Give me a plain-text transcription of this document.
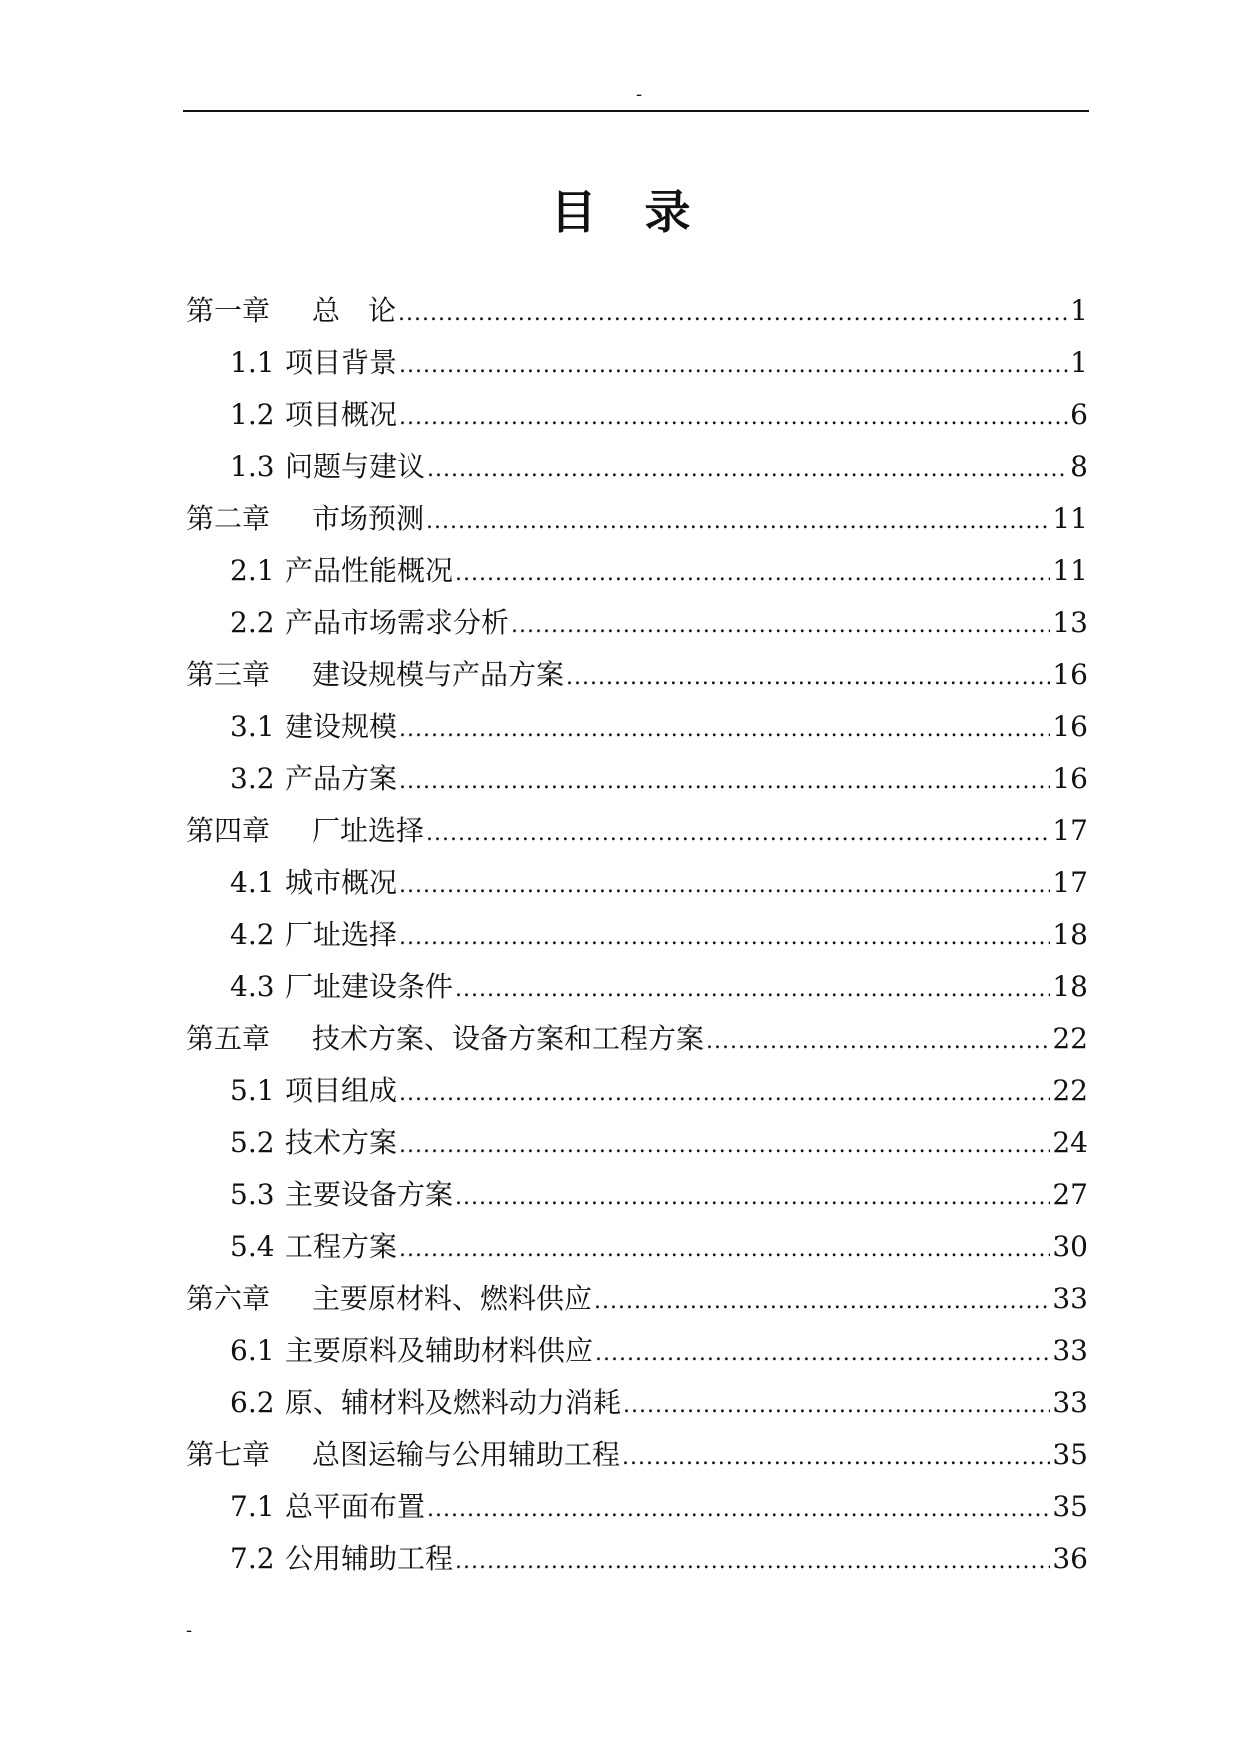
-
目录
第一章	总　论 .....	1
1.1 项目背景 .....	1
1.2 项目概况 .....	6
1.3 问题与建议 .....	8
第二章	市场预测 .....	11
2.1 产品性能概况 .....	11
2.2 产品市场需求分析 .....	13
第三章	建设规模与产品方案 .....	16
3.1 建设规模 .....	16
3.2 产品方案 .....	16
第四章	厂址选择 .....	17
4.1 城市概况 .....	17
4.2 厂址选择 .....	18
4.3 厂址建设条件 .....	18
第五章	技术方案、设备方案和工程方案 .....	22
5.1 项目组成 .....	22
5.2 技术方案 .....	24
5.3 主要设备方案 .....	27
5.4 工程方案 .....	30
第六章	主要原材料、燃料供应 .....	33
6.1 主要原料及辅助材料供应 .....	33
6.2 原、辅材料及燃料动力消耗 .....	33
第七章	总图运输与公用辅助工程 .....	35
7.1 总平面布置 .....	35
7.2 公用辅助工程 .....	36
-
